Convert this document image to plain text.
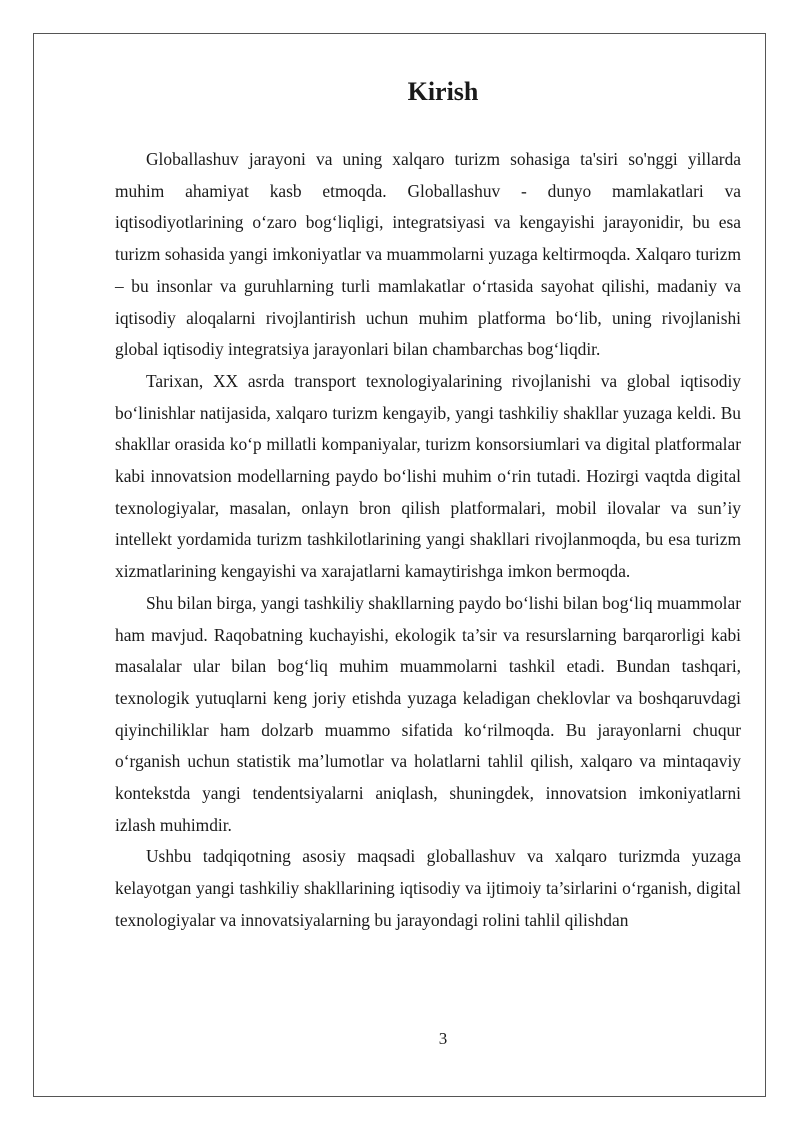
Kirish

Globallashuv jarayoni va uning xalqaro turizm sohasiga ta'siri so'nggi yillarda muhim ahamiyat kasb etmoqda. Globallashuv - dunyo mamlakatlari va iqtisodiyotlarining o‘zaro bog‘liqligi, integratsiyasi va kengayishi jarayonidir, bu esa turizm sohasida yangi imkoniyatlar va muammolarni yuzaga keltirmoqda. Xalqaro turizm – bu insonlar va guruhlarning turli mamlakatlar o‘rtasida sayohat qilishi, madaniy va iqtisodiy aloqalarni rivojlantirish uchun muhim platforma bo‘lib, uning rivojlanishi global iqtisodiy integratsiya jarayonlari bilan chambarchas bog‘liqdir.

Tarixan, XX asrda transport texnologiyalarining rivojlanishi va global iqtisodiy bo‘linishlar natijasida, xalqaro turizm kengayib, yangi tashkiliy shakllar yuzaga keldi. Bu shakllar orasida ko‘p millatli kompaniyalar, turizm konsorsiumlari va digital platformalar kabi innovatsion modellarning paydo bo‘lishi muhim o‘rin tutadi. Hozirgi vaqtda digital texnologiyalar, masalan, onlayn bron qilish platformalari, mobil ilovalar va sun’iy intellekt yordamida turizm tashkilotlarining yangi shakllari rivojlanmoqda, bu esa turizm xizmatlarining kengayishi va xarajatlarni kamaytirishga imkon bermoqda.

Shu bilan birga, yangi tashkiliy shakllarning paydo bo‘lishi bilan bog‘liq muammolar ham mavjud. Raqobatning kuchayishi, ekologik ta’sir va resurslarning barqarorligi kabi masalalar ular bilan bog‘liq muhim muammolarni tashkil etadi. Bundan tashqari, texnologik yutuqlarni keng joriy etishda yuzaga keladigan cheklovlar va boshqaruvdagi qiyinchiliklar ham dolzarb muammo sifatida ko‘rilmoqda. Bu jarayonlarni chuqur o‘rganish uchun statistik ma’lumotlar va holatlarni tahlil qilish, xalqaro va mintaqaviy kontekstda yangi tendentsiyalarni aniqlash, shuningdek, innovatsion imkoniyatlarni izlash muhimdir.

Ushbu tadqiqotning asosiy maqsadi globallashuv va xalqaro turizmda yuzaga kelayotgan yangi tashkiliy shakllarining iqtisodiy va ijtimoiy ta’sirlarini o‘rganish, digital texnologiyalar va innovatsiyalarning bu jarayondagi rolini tahlil qilishdan

3
